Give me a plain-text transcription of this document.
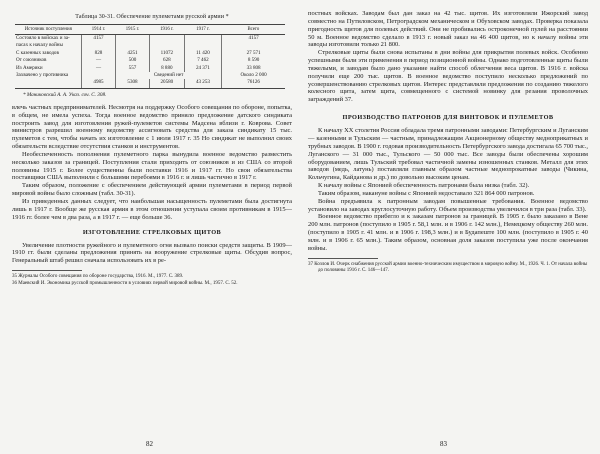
Таблица 30-31. Обеспечение пулеметами русской армии *
Источник поступления	1914 г.	1915 г.	1916 г.	1917 г.	Всего
Состояло в войсках и за-пасах к началу войны	4157				4157
С казенных заводов	828	4251	11072	11 420	27 571
От союзников	—	500	628	7 462	8 590
Из Америки	—	557	8 880	24 371	33 808
Захвачено у противника		Сведений нет			Около 2 000
	4985	5308	20580	43 253	76126
* Маниковский А. А. Указ. соч. С. 308.

влечь частных предпринимателей. Несмотря на поддержку Особого совещания по обороне, попытка, в общем, не имела успеха. Тогда военное ведомство приняло предложение датского синдиката построить завод для изготовления ружей-пулеметов системы Мадсена вблизи г. Коврова. Совет министров разрешил военному ведомству ассигновать средства для заказа синдикату 15 тыс. пулеметов с тем, чтобы начать их изготовление с 1 июля 1917 г. 35 Но синдикат не выполнил своих обязательств вследствие отсутствия станков и инструментов.

Необеспеченность пополнения пулеметного парка вынудила военное ведомство разместить несколько заказов за границей. Поступления стали приходить от союзников и из США со второй половины 1915 г. Более существенны были поставки 1916 и 1917 гг. Но свои обязательства поставщики США выполнили с большими перебоями в 1916 г. и лишь частично в 1917 г.

Таким образом, положение с обеспечением действующей армии пулеметами в период первой мировой войны было сложным (табл. 30-31).

Из приведенных данных следует, что наибольшая насыщенность пулеметами была достигнута лишь в 1917 г. Вообще же русская армия в этом отношении уступала своим противникам в 1915—1916 гг. более чем в два раза, а в 1917 г. — еще больше 36.

ИЗГОТОВЛЕНИЕ СТРЕЛКОВЫХ ЩИТОВ

Увеличение плотности ружейного и пулеметного огня вызвало поиски средств защиты. В 1909—1910 гг. были сделаны предложения принять на вооружение стрелковые щиты. Обсудив вопрос, Генеральный штаб решил сначала использовать их в ре-

35 Журналы Особого совещания по обороне государства, 1916. М., 1977. С. 389.

36 Маевский И. Экономика русской промышленности в условиях первой мировой войны. М., 1957. С. 52.

82

постных войсках. Заводам был дан заказ на 42 тыс. щитов. Их изготовляли Ижорский завод совместно на Путиловском, Петроградском механическом и Обуховском заводах. Проверка показала пригодность щитов для полевых действий. Они не пробивались остроконечной пулей на расстоянии 50 м. Военное ведомство сделало в 1913 г. новый заказ на 46 400 щитов, но к началу войны эти заводы изготовили только 21 800.

Стрелковые щиты были снова испытаны в дни войны для прикрытия полевых войск. Особенно успешными были эти применения в период позиционной войны. Однако подготовленные щиты были тяжелыми, и заводам было дано указание найти способ облегчения веса щитов. В 1916 г. войска получили еще 200 тыс. щитов. В военное ведомство поступило несколько предложений по усовершенствованию стрелковых щитов. Интерес представляли предложения по созданию тяжелого колесного щита, затем щита, совмещенного с системой новинку для резания проволочных заграждений 37.

ПРОИЗВОДСТВО ПАТРОНОВ ДЛЯ ВИНТОВОК И ПУЛЕМЕТОВ

К началу XX столетия Россия обладала тремя патронными заводами: Петербургским и Луганским — казенными и Тульским — частным, принадлежащим Акционерному обществу медноприкатных и трубных заводов. В 1900 г. годовая производительность Петербургского завода достигала 65 700 тыс., Луганского — 31 000 тыс., Тульского — 50 000 тыс. Все заводы были обеспечены хорошим оборудованием, лишь Тульский требовал частичной замены изношенных станков. Металл для этих заводов (медь, латунь) поставляли главным образом частные меднопрокатные заводы (Чикина, Кольчугина, Кайданова и др.) по довольно высоким ценам.

К началу войны с Японией обеспеченность патронами была низка (табл. 32).

Таким образом, накануне войны с Японией недоставало 321 864 000 патронов.

Война предъявила к патронным заводам повышенные требования. Военное ведомство установило на заводах круглосуточную работу. Объем производства увеличился в три раза (табл. 33).

Военное ведомство прибегло и к заказам патронов за границей. В 1905 г. было заказано в Вене 200 млн. патронов (поступило в 1905 г. 58,1 млн. и в 1906 г. 142 млн.), Немецкому обществу 260 млн. (поступило в 1905 г. 41 млн. и в 1906 г. 198,3 млн.) и в Будапеште 100 млн. (поступило в 1905 г. 40 млн. и в 1906 г. 65 млн.). Таким образом, основная доля заказов поступила уже после окончания войны.

37 Козлов И. Очерк снабжения русской армии военно-техническим имуществом в мировую войну. М., 1926. Ч. 1. От начала войны до половины 1916 г. С. 146—147.

83
